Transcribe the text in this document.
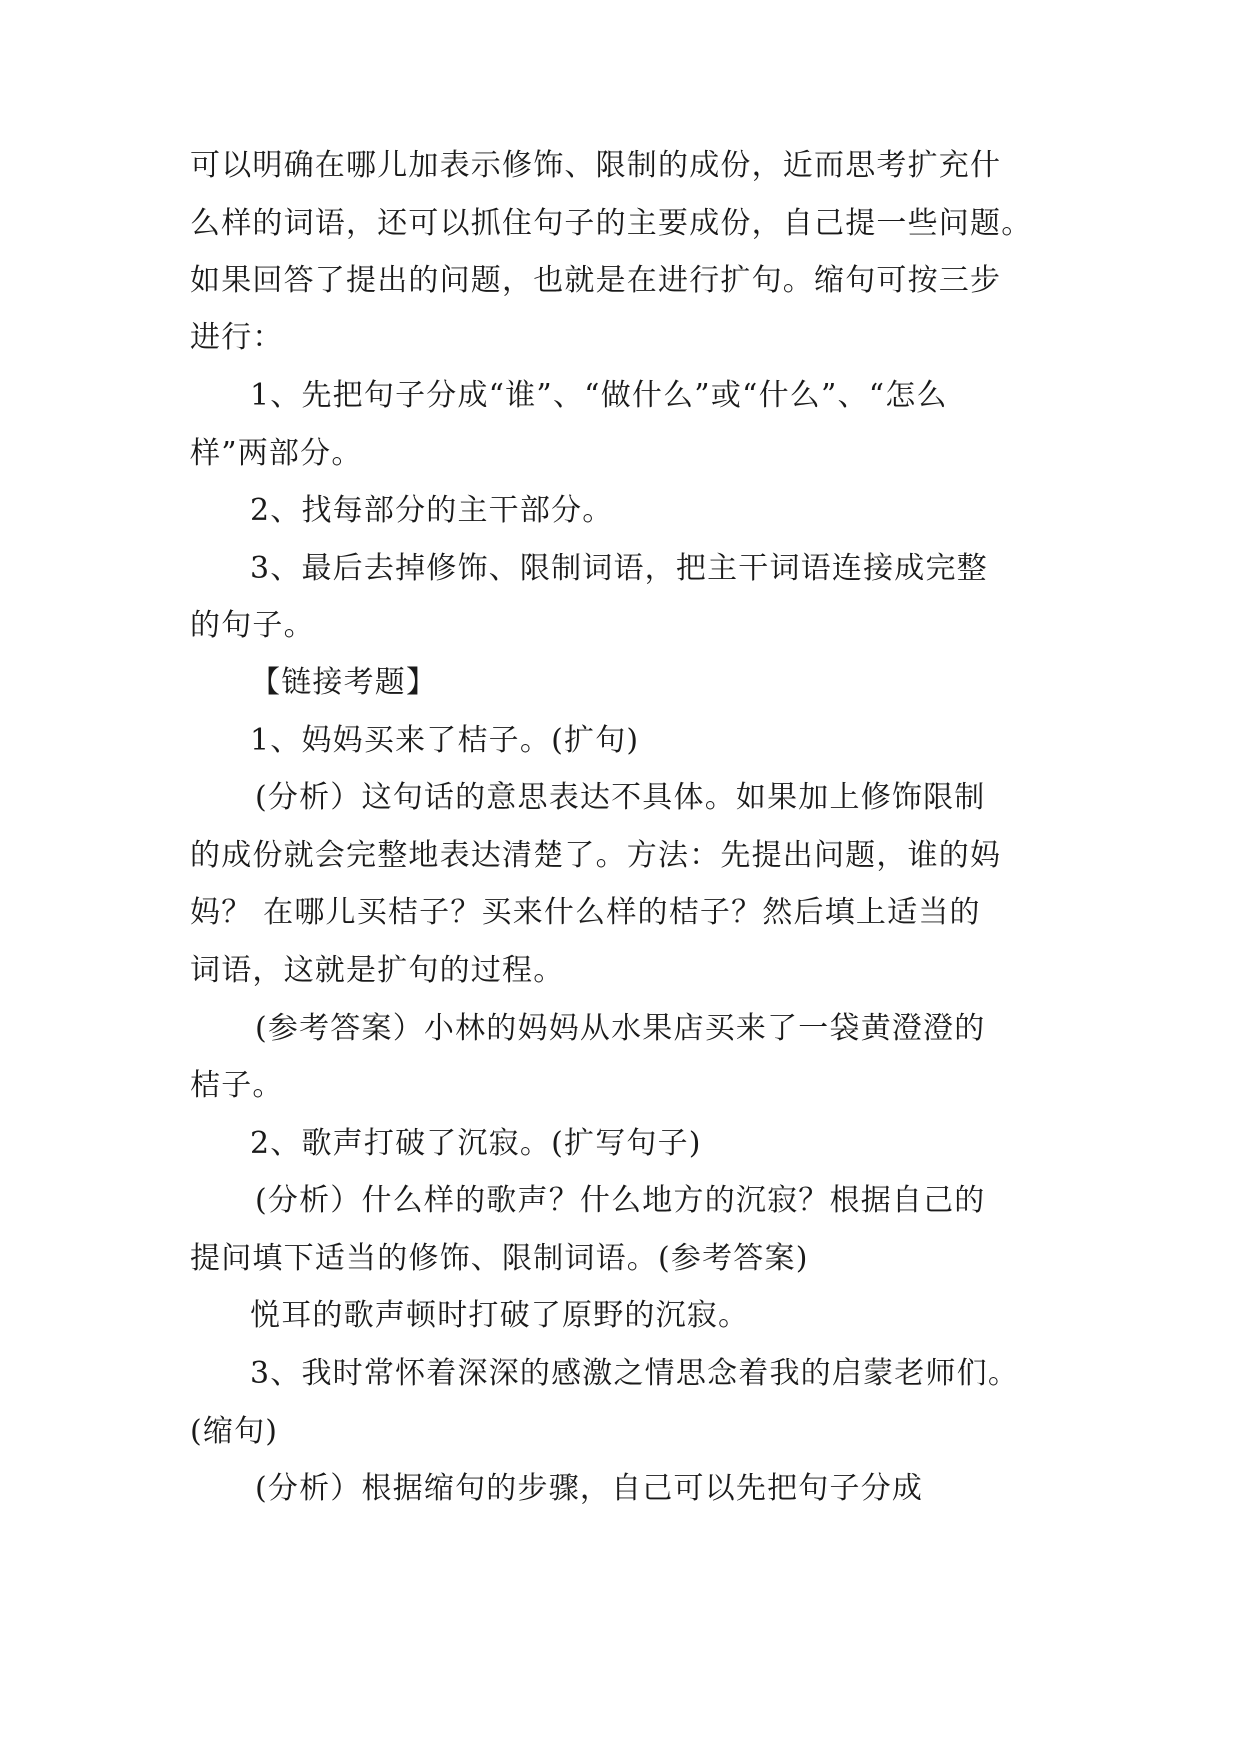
可以明确在哪儿加表示修饰、限制的成份，近而思考扩充什
么样的词语，还可以抓住句子的主要成份，自己提一些问题。
如果回答了提出的问题，也就是在进行扩句。缩句可按三步
进行：
1、先把句子分成“谁”、“做什么”或“什么”、“怎么
样”两部分。
2、找每部分的主干部分。
3、最后去掉修饰、限制词语，把主干词语连接成完整
的句子。
【链接考题】
1、妈妈买来了桔子。(扩句)
(分析）这句话的意思表达不具体。如果加上修饰限制
的成份就会完整地表达清楚了。方法：先提出问题，谁的妈
妈？ 在哪儿买桔子？买来什么样的桔子？然后填上适当的
词语，这就是扩句的过程。
(参考答案）小林的妈妈从水果店买来了一袋黄澄澄的
桔子。
2、歌声打破了沉寂。(扩写句子)
(分析）什么样的歌声？什么地方的沉寂？根据自己的
提问填下适当的修饰、限制词语。(参考答案)
悦耳的歌声顿时打破了原野的沉寂。
3、我时常怀着深深的感激之情思念着我的启蒙老师们。
(缩句)
(分析）根据缩句的步骤，自己可以先把句子分成
